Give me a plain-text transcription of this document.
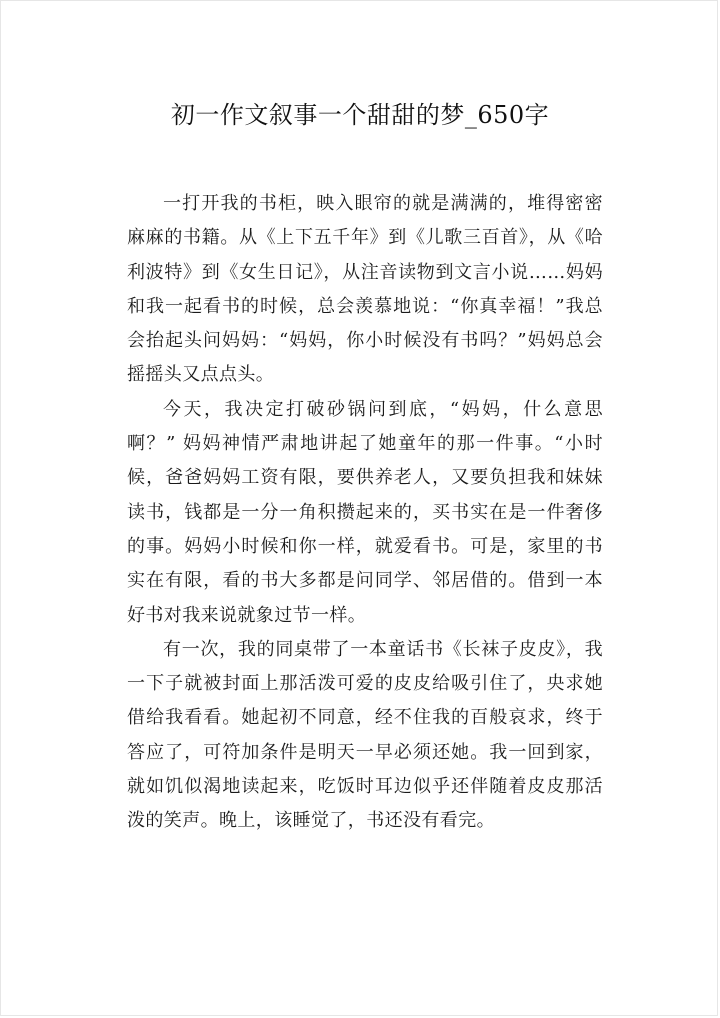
初一作文叙事一个甜甜的梦_650字

一打开我的书柜，映入眼帘的就是满满的，堆得密密麻麻的书籍。从《上下五千年》到《儿歌三百首》，从《哈利波特》到《女生日记》，从注音读物到文言小说……妈妈和我一起看书的时候，总会羡慕地说：“你真幸福！”我总会抬起头问妈妈：“妈妈，你小时候没有书吗？”妈妈总会摇摇头又点点头。

今天，我决定打破砂锅问到底，“妈妈，什么意思啊？” 妈妈神情严肃地讲起了她童年的那一件事。“小时候，爸爸妈妈工资有限，要供养老人，又要负担我和妹妹读书，钱都是一分一角积攒起来的，买书实在是一件奢侈的事。妈妈小时候和你一样，就爱看书。可是，家里的书实在有限，看的书大多都是问同学、邻居借的。借到一本好书对我来说就象过节一样。

有一次，我的同桌带了一本童话书《长袜子皮皮》，我一下子就被封面上那活泼可爱的皮皮给吸引住了，央求她借给我看看。她起初不同意，经不住我的百般哀求，终于答应了，可符加条件是明天一早必须还她。我一回到家，就如饥似渴地读起来，吃饭时耳边似乎还伴随着皮皮那活泼的笑声。晚上，该睡觉了，书还没有看完。
